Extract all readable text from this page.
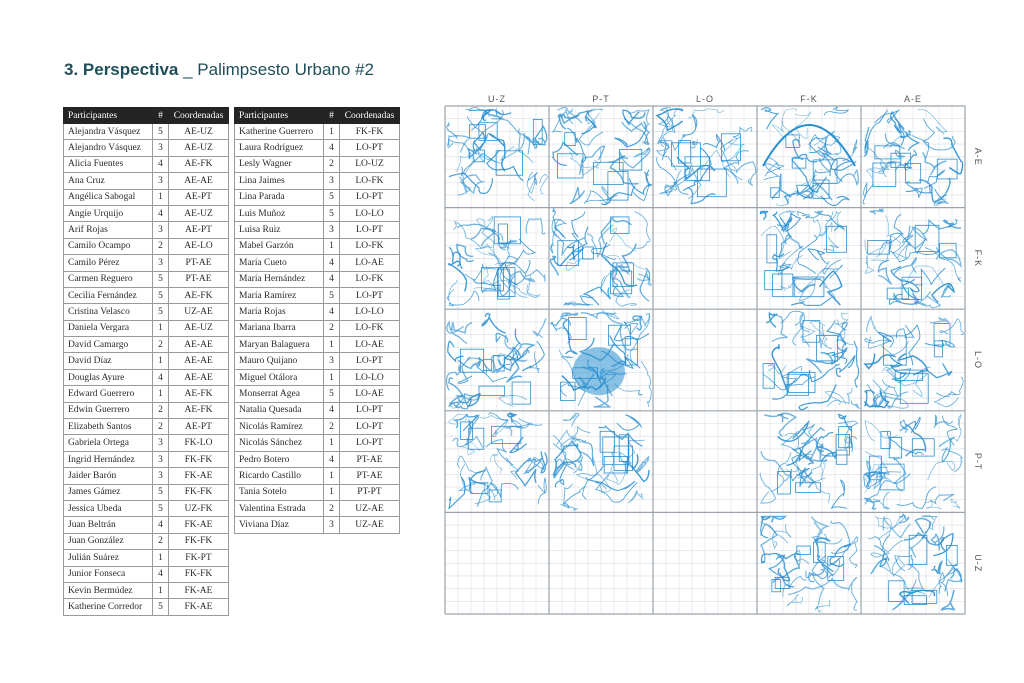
3. Perspectiva _ Palimpsesto Urbano #2
Participantes	#	Coordenadas
Alejandra Vásquez	5	AE-UZ
Alejandro Vásquez	3	AE-UZ
Alicia Fuentes	4	AE-FK
Ana Cruz	3	AE-AE
Angélica Sabogal	1	AE-PT
Angie Urquijo	4	AE-UZ
Arif Rojas	3	AE-PT
Camilo Ocampo	2	AE-LO
Camilo Pérez	3	PT-AE
Carmen Reguero	5	PT-AE
Cecilia Fernández	5	AE-FK
Cristina Velasco	5	UZ-AE
Daniela Vergara	1	AE-UZ
David Camargo	2	AE-AE
David Díaz	1	AE-AE
Douglas Ayure	4	AE-AE
Edward Guerrero	1	AE-FK
Edwin Guerrero	2	AE-FK
Elizabeth Santos	2	AE-PT
Gabriela Ortega	3	FK-LO
Ingrid Hernández	3	FK-FK
Jaider Barón	3	FK-AE
James Gámez	5	FK-FK
Jessica Ubeda	5	UZ-FK
Juan Beltrán	4	FK-AE
Juan González	2	FK-FK
Julián Suárez	1	FK-PT
Junior Fonseca	4	FK-FK
Kevin Bermúdez	1	FK-AE
Katherine Corredor	5	FK-AE
Participantes	#	Coordenadas
Katherine Guerrero	1	FK-FK
Laura Rodríguez	4	LO-PT
Lesly Wagner	2	LO-UZ
Lina Jaimes	3	LO-FK
Lina Parada	5	LO-PT
Luis Muñoz	5	LO-LO
Luisa Ruiz	3	LO-PT
Mabel Garzón	1	LO-FK
María Cueto	4	LO-AE
María Hernández	4	LO-FK
María Ramírez	5	LO-PT
María Rojas	4	LO-LO
Mariana Ibarra	2	LO-FK
Maryan Balaguera	1	LO-AE
Mauro Quijano	3	LO-PT
Miguel Otálora	1	LO-LO
Monserrat Agea	5	LO-AE
Natalia Quesada	4	LO-PT
Nicolás Ramírez	2	LO-PT
Nicolás Sánchez	1	LO-PT
Pedro Botero	4	PT-AE
Ricardo Castillo	1	PT-AE
Tania Sotelo	1	PT-PT
Valentina Estrada	2	UZ-AE
Viviana Díaz	3	UZ-AE
U-Z	P-T	L-O	F-K	A-E
A-E
F-K
L-O
P-T
U-Z
